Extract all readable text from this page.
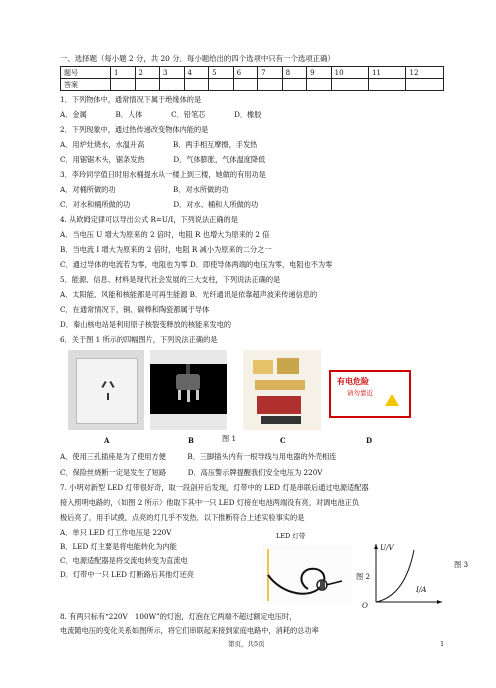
一、选择题（每小题 2 分，共 20 分．每小题给出的四个选项中只有一个选项正确）
题号	1	2	3	4	5	6	7	8	9	10	11	12
答案												
1．下列物体中，通常情况下属于绝缘体的是
A．金属　　　　B．人体　　　　C．铅笔芯　　　　D．橡胶
2．下列现象中，通过热传递改变物体内能的是
A．用炉灶烧水，水温升高　　　　B．两手相互摩擦，手发热
C．用锯锯木头，锯条发热　　　　D．气体膨胀，气体温度降低
3．李玲同学值日时用水桶提水从一楼上到三楼，她做的有用功是
A．对桶所做的功　　　　　　　　B．对水所做的功
C．对水和桶所做的功　　　　　　D．对水、桶和人所做的功
4. 从欧姆定律可以导出公式 R=U/I，下列说法正确的是
A．当电压 U 增大为原来的 2 倍时，电阻 R 也增大为原来的 2 倍
B．当电流 I 增大为原来的 2 倍时，电阻 R 减小为原来的二分之一
C．通过导体的电流若为零，电阻也为零 D．即使导体两端的电压为零，电阻也不为零
5．能源、信息、材料是现代社会发展的三大支柱，下列说法正确的是
A．太阳能、风能和核能都是可再生能源 B．光纤通讯是依靠超声波来传递信息的
C．在通常情况下，铜、碳棒和陶瓷都属于导体
D．秦山核电站是利用原子核裂变释放的核能来发电的
6．关于图 1 所示的四幅图片，下列说法正确的是
有电危险
请勿靠近
A	B	图 1	C	D
A．使用三孔插座是为了使用方便　　　B．三脚插头内有一根导线与用电器的外壳相连
C．保险丝烧断一定是发生了短路　　　D．高压警示牌提醒我们安全电压为 220V
7. 小明对新型 LED 灯带很好奇，取一段剖开后发现，灯带中的 LED 灯是串联后通过电源适配器
接入照明电路的，（如图 2 所示）他取下其中一只 LED 灯接在电池两端没有亮，对调电池正负
极后亮了，用手试摸，点亮的灯几乎不发热．以下推断符合上述实验事实的是
A．单只 LED 灯工作电压是 220V
B．LED 灯主要是将电能转化为内能
C．电源适配器是将交流电转变为直流电
D．灯带中一只 LED 灯断路后其他灯还亮
LED 灯带
图 2
U/V
I/A
O
图 3
8. 有两只标有“220V　100W”的灯泡，灯泡在它两端不超过额定电压时，
电流随电压的变化关系如图所示，将它们串联起来接到家庭电路中，消耗的总功率
第页，共5页	1
